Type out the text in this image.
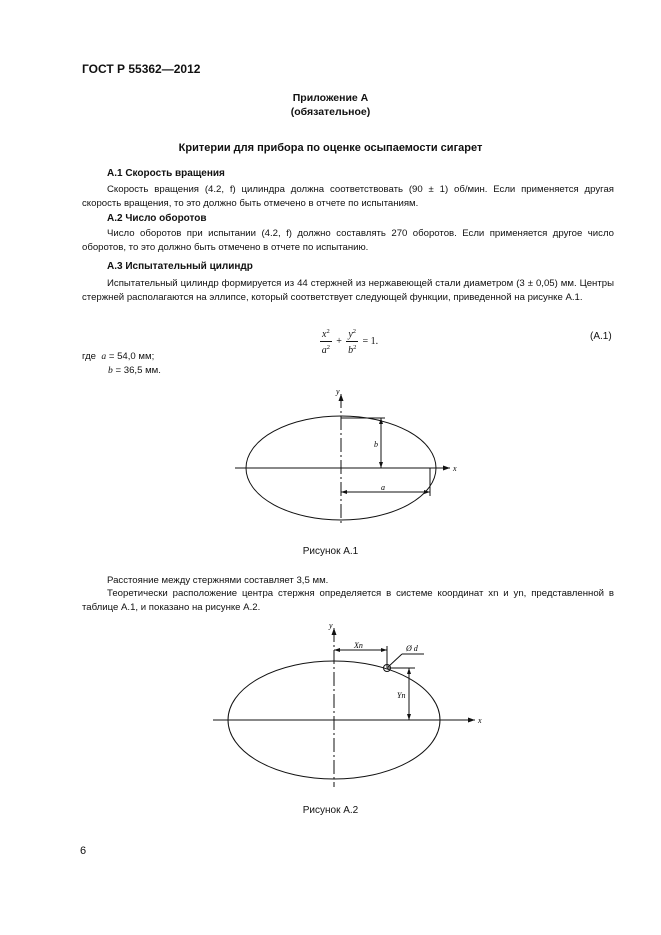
ГОСТ Р 55362—2012
Приложение А
(обязательное)
Критерии для прибора по оценке осыпаемости сигарет
А.1 Скорость вращения

Скорость вращения (4.2, f) цилиндра должна соответствовать (90 ± 1) об/мин. Если применяется другая скорость вращения, то это должно быть отмечено в отчете по испытаниям.

А.2 Число оборотов

Число оборотов при испытании (4.2, f) должно составлять 270 оборотов. Если применяется другое число оборотов, то это должно быть отмечено в отчете по испытанию.

А.3 Испытательный цилиндр

Испытательный цилиндр формируется из 44 стержней из нержавеющей стали диаметром (3 ± 0,05) мм. Центры стержней располагаются на эллипсе, который соответствует следующей функции, приведенной на рисунке А.1.

$\frac{x^2}{a^2} + \frac{y^2}{b^2} = 1$.	(А.1)
где a = 54,0 мм;
b = 36,5 мм.
y
x
b
a
Рисунок А.1

Расстояние между стержнями составляет 3,5 мм.

Теоретически расположение центра стержня определяется в системе координат xn и yn, представленной в таблице А.1, и показано на рисунке А.2.

y
x
Xn
Yn
Ø d
Рисунок А.2
6
